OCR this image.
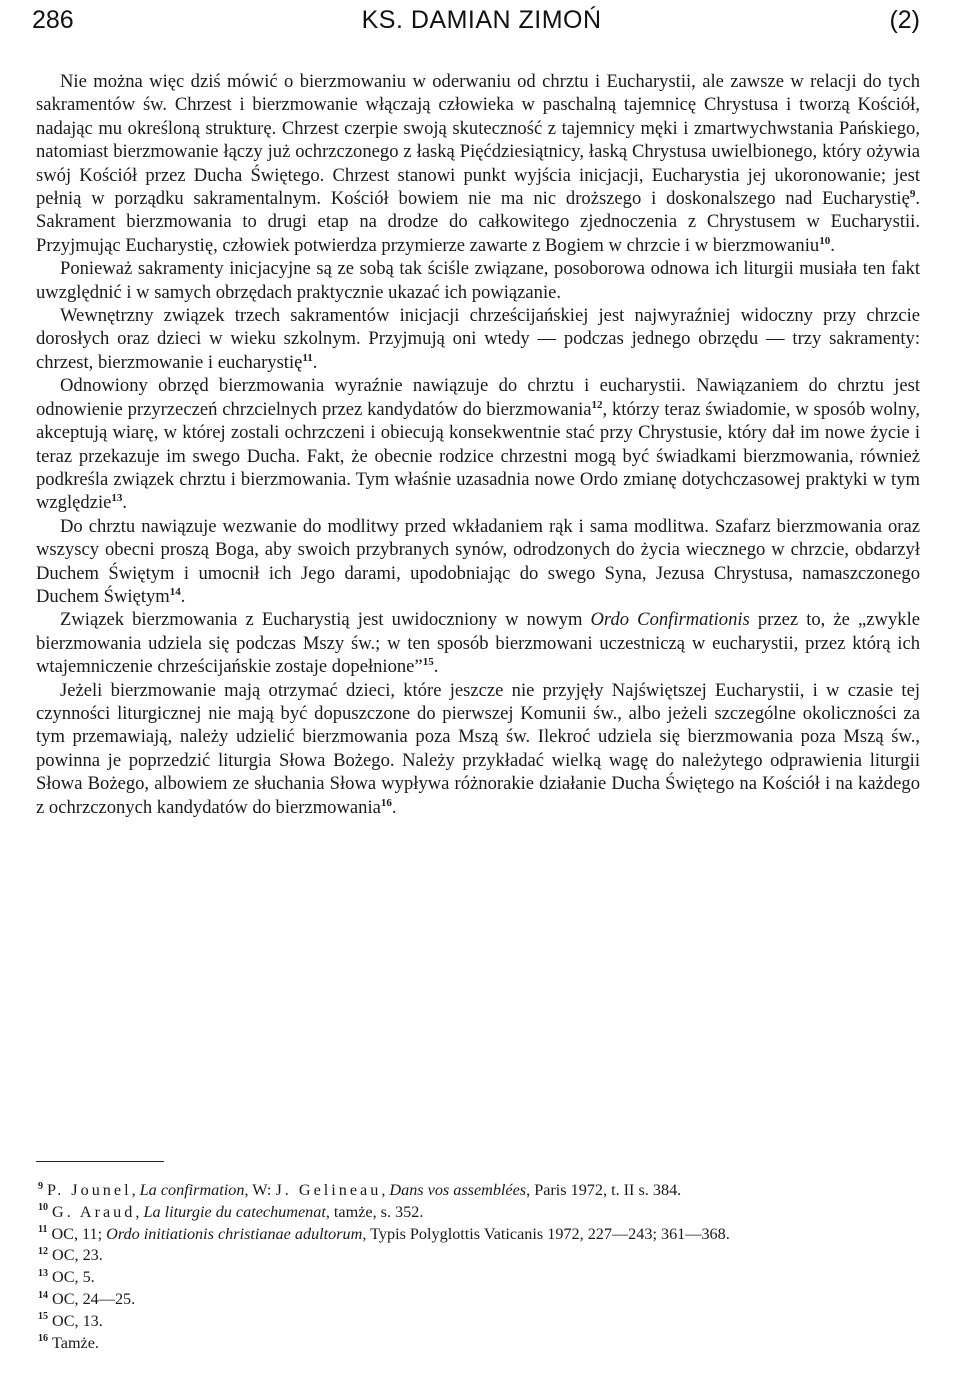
286	KS. DAMIAN ZIMOŃ	(2)

Nie można więc dziś mówić o bierzmowaniu w oderwaniu od chrztu i Eucharystii, ale zawsze w relacji do tych sakramentów św. Chrzest i bierzmowanie włączają człowieka w paschalną tajemnicę Chrystusa i tworzą Kościół, nadając mu określoną strukturę. Chrzest czerpie swoją skuteczność z tajemnicy męki i zmartwychwstania Pańskiego, natomiast bierzmowanie łączy już ochrzczonego z łaską Pięćdziesiątnicy, łaską Chrystusa uwielbionego, który ożywia swój Kościół przez Ducha Świętego. Chrzest stanowi punkt wyjścia inicjacji, Eucharystia jej ukoronowanie; jest pełnią w porządku sakramentalnym. Kościół bowiem nie ma nic droższego i doskonalszego nad Eucharystię$^9$. Sakrament bierzmowania to drugi etap na drodze do całkowitego zjednoczenia z Chrystusem w Eucharystii. Przyjmując Eucharystię, człowiek potwierdza przymierze zawarte z Bogiem w chrzcie i w bierzmowaniu$^{10}$.

Ponieważ sakramenty inicjacyjne są ze sobą tak ściśle związane, posoborowa odnowa ich liturgii musiała ten fakt uwzględnić i w samych obrzędach praktycznie ukazać ich powiązanie.

Wewnętrzny związek trzech sakramentów inicjacji chrześcijańskiej jest najwyraźniej widoczny przy chrzcie dorosłych oraz dzieci w wieku szkolnym. Przyjmują oni wtedy — podczas jednego obrzędu — trzy sakramenty: chrzest, bierzmowanie i eucharystię$^{11}$.

Odnowiony obrzęd bierzmowania wyraźnie nawiązuje do chrztu i eucharystii. Nawiązaniem do chrztu jest odnowienie przyrzeczeń chrzcielnych przez kandydatów do bierzmowania$^{12}$, którzy teraz świadomie, w sposób wolny, akceptują wiarę, w której zostali ochrzczeni i obiecują konsekwentnie stać przy Chrystusie, który dał im nowe życie i teraz przekazuje im swego Ducha. Fakt, że obecnie rodzice chrzestni mogą być świadkami bierzmowania, również podkreśla związek chrztu i bierzmowania. Tym właśnie uzasadnia nowe Ordo zmianę dotychczasowej praktyki w tym względzie$^{13}$.

Do chrztu nawiązuje wezwanie do modlitwy przed wkładaniem rąk i sama modlitwa. Szafarz bierzmowania oraz wszyscy obecni proszą Boga, aby swoich przybranych synów, odrodzonych do życia wiecznego w chrzcie, obdarzył Duchem Świętym i umocnił ich Jego darami, upodobniając do swego Syna, Jezusa Chrystusa, namaszczonego Duchem Świętym$^{14}$.

Związek bierzmowania z Eucharystią jest uwidoczniony w nowym Ordo Confirmationis przez to, że „zwykle bierzmowania udziela się podczas Mszy św.; w ten sposób bierzmowani uczestniczą w eucharystii, przez którą ich wtajemniczenie chrześcijańskie zostaje dopełnione”$^{15}$.

Jeżeli bierzmowanie mają otrzymać dzieci, które jeszcze nie przyjęły Najświętszej Eucharystii, i w czasie tej czynności liturgicznej nie mają być dopuszczone do pierwszej Komunii św., albo jeżeli szczególne okoliczności za tym przemawiają, należy udzielić bierzmowania poza Mszą św. Ilekroć udziela się bierzmowania poza Mszą św., powinna je poprzedzić liturgia Słowa Bożego. Należy przykładać wielką wagę do należytego odprawienia liturgii Słowa Bożego, albowiem ze słuchania Słowa wypływa różnorakie działanie Ducha Świętego na Kościół i na każdego z ochrzczonych kandydatów do bierzmowania$^{16}$.

$^9$ P. Jounel, La confirmation, W: J. Gelineau, Dans vos assemblées, Paris 1972, t. II s. 384.

$^{10}$ G. Araud, La liturgie du catechumenat, tamże, s. 352.

$^{11}$ OC, 11; Ordo initiationis christianae adultorum, Typis Polyglottis Vaticanis 1972, 227—243; 361—368.

$^{12}$ OC, 23.

$^{13}$ OC, 5.

$^{14}$ OC, 24—25.

$^{15}$ OC, 13.

$^{16}$ Tamże.
